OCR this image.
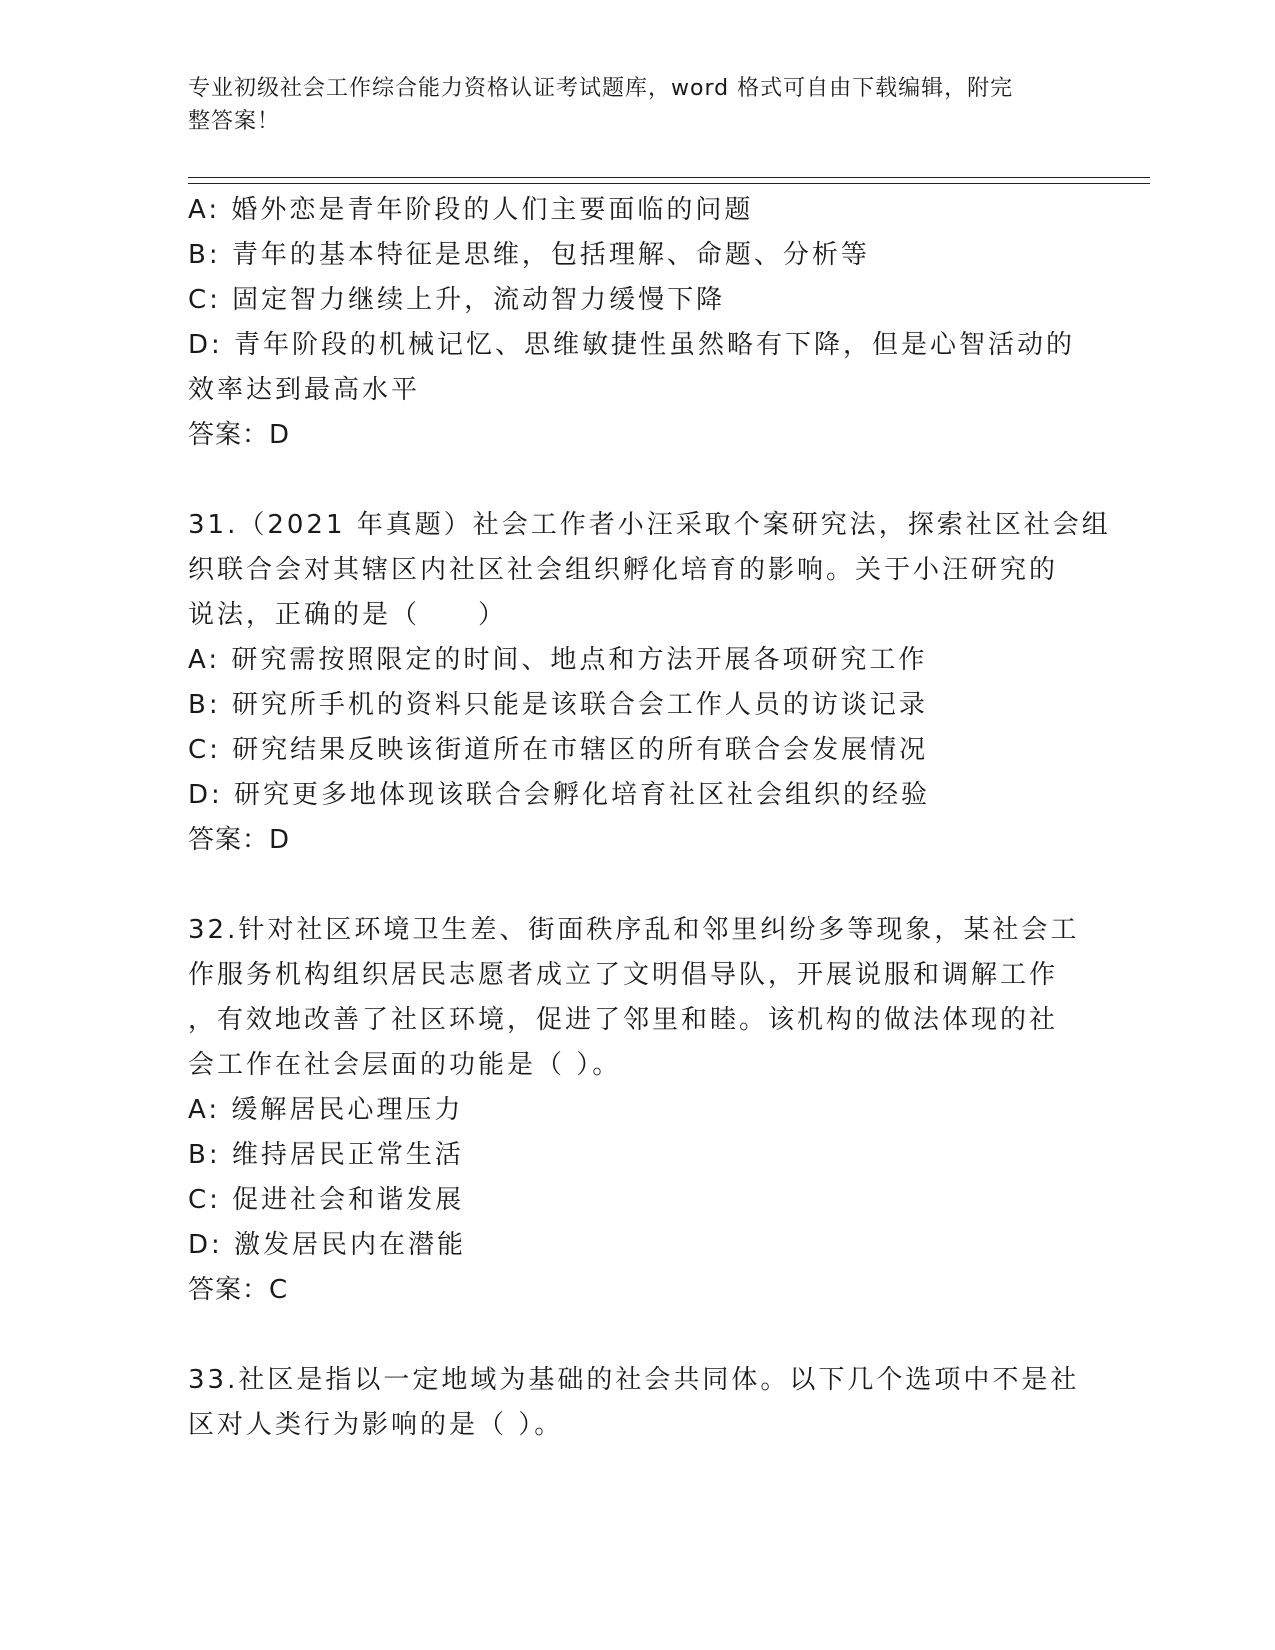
专业初级社会工作综合能力资格认证考试题库，word 格式可自由下载编辑，附完
整答案！
A: 婚外恋是青年阶段的人们主要面临的问题
B: 青年的基本特征是思维，包括理解、命题、分析等
C: 固定智力继续上升，流动智力缓慢下降
D: 青年阶段的机械记忆、思维敏捷性虽然略有下降，但是心智活动的
效率达到最高水平
答案：D
31.（2021 年真题）社会工作者小汪采取个案研究法，探索社区社会组
织联合会对其辖区内社区社会组织孵化培育的影响。关于小汪研究的
说法，正确的是（　　）
A: 研究需按照限定的时间、地点和方法开展各项研究工作
B: 研究所手机的资料只能是该联合会工作人员的访谈记录
C: 研究结果反映该街道所在市辖区的所有联合会发展情况
D: 研究更多地体现该联合会孵化培育社区社会组织的经验
答案：D
32.针对社区环境卫生差、街面秩序乱和邻里纠纷多等现象，某社会工
作服务机构组织居民志愿者成立了文明倡导队，开展说服和调解工作
，有效地改善了社区环境，促进了邻里和睦。该机构的做法体现的社
会工作在社会层面的功能是（ ）。
A: 缓解居民心理压力
B: 维持居民正常生活
C: 促进社会和谐发展
D: 激发居民内在潜能
答案：C
33.社区是指以一定地域为基础的社会共同体。以下几个选项中不是社
区对人类行为影响的是（ ）。
